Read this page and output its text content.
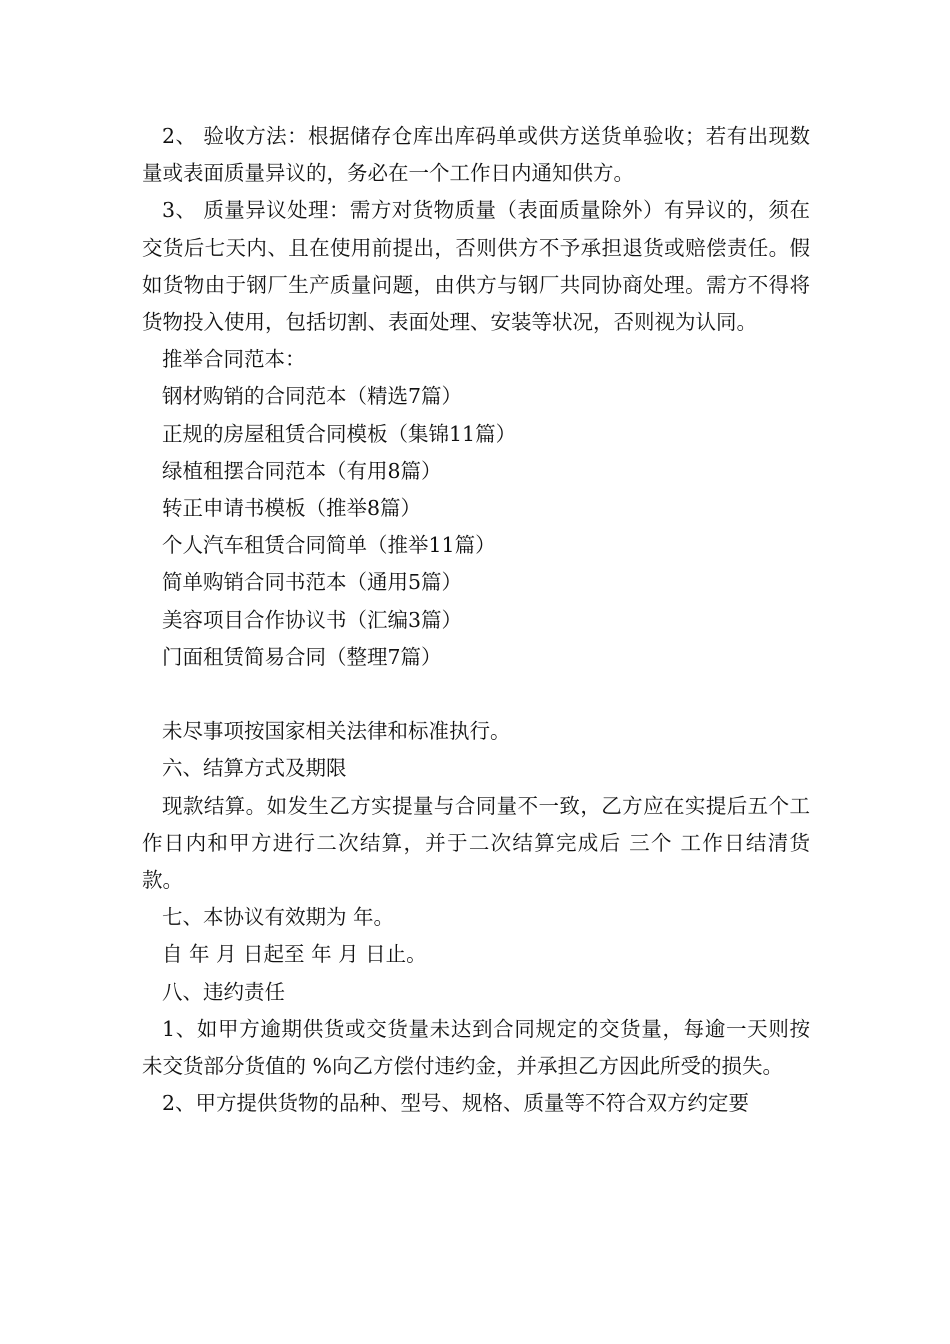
2、 验收方法：根据储存仓库出库码单或供方送货单验收；若有出现数量或表面质量异议的，务必在一个工作日内通知供方。

3、 质量异议处理：需方对货物质量（表面质量除外）有异议的，须在交货后七天内、且在使用前提出，否则供方不予承担退货或赔偿责任。假如货物由于钢厂生产质量问题，由供方与钢厂共同协商处理。需方不得将货物投入使用，包括切割、表面处理、安装等状况，否则视为认同。

推举合同范本：

钢材购销的合同范本（精选7篇）

正规的房屋租赁合同模板（集锦11篇）

绿植租摆合同范本（有用8篇）

转正申请书模板（推举8篇）

个人汽车租赁合同简单（推举11篇）

简单购销合同书范本（通用5篇）

美容项目合作协议书（汇编3篇）

门面租赁简易合同（整理7篇）

未尽事项按国家相关法律和标准执行。

六、结算方式及期限

现款结算。如发生乙方实提量与合同量不一致，乙方应在实提后五个工作日内和甲方进行二次结算，并于二次结算完成后 三个 工作日结清货款。

七、本协议有效期为 年。

自 年 月 日起至 年 月 日止。

八、违约责任

1、如甲方逾期供货或交货量未达到合同规定的交货量，每逾一天则按未交货部分货值的 %向乙方偿付违约金，并承担乙方因此所受的损失。

2、甲方提供货物的品种、型号、规格、质量等不符合双方约定要
